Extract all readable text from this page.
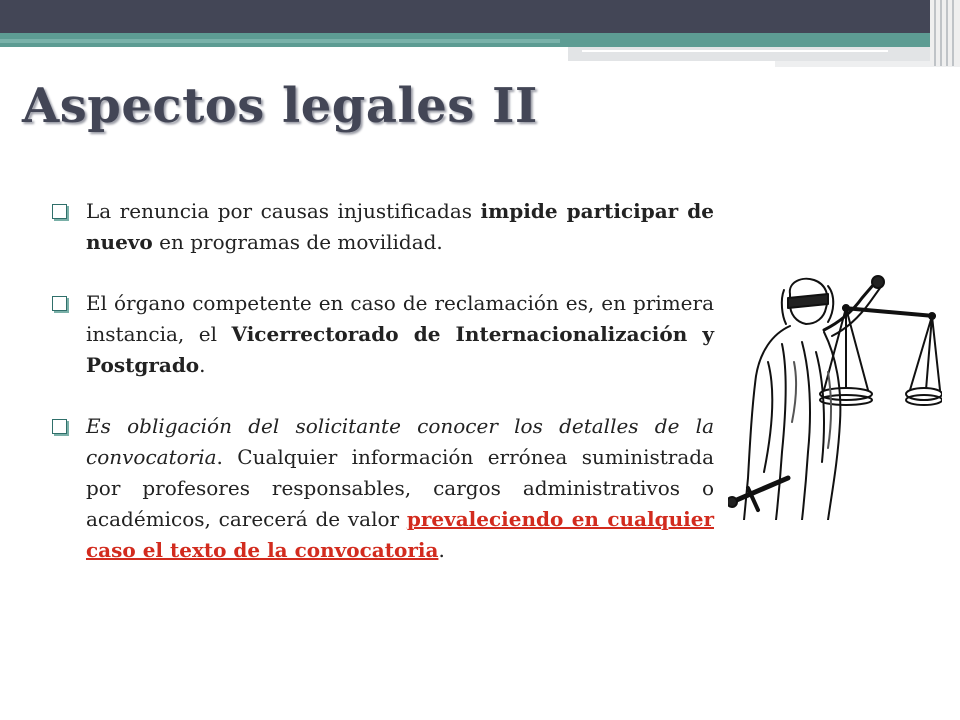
Aspectos legales II
La renuncia por causas injustificadas impide participar de nuevo en programas de movilidad.
El órgano competente en caso de reclamación es, en primera instancia, el Vicerrectorado de Internacionalización y Postgrado.
Es obligación del solicitante conocer los detalles de la convocatoria. Cualquier información errónea suministrada por profesores responsables, cargos administrativos o académicos, carecerá de valor prevaleciendo en cualquier caso el texto de la convocatoria.
